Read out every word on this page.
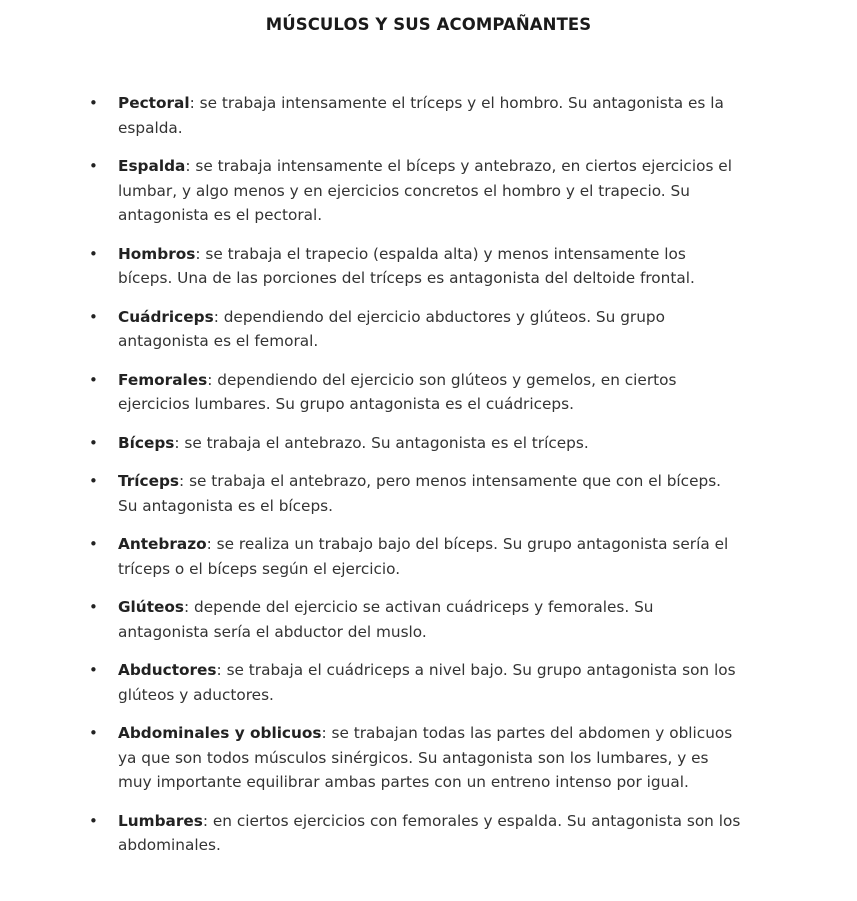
MÚSCULOS Y SUS ACOMPAÑANTES
• Pectoral: se trabaja intensamente el tríceps y el hombro. Su antagonista es la espalda.
• Espalda: se trabaja intensamente el bíceps y antebrazo, en ciertos ejercicios el lumbar, y algo menos y en ejercicios concretos el hombro y el trapecio. Su antagonista es el pectoral.
• Hombros: se trabaja el trapecio (espalda alta) y menos intensamente los bíceps. Una de las porciones del tríceps es antagonista del deltoide frontal.
• Cuádriceps: dependiendo del ejercicio abductores y glúteos. Su grupo antagonista es el femoral.
• Femorales: dependiendo del ejercicio son glúteos y gemelos, en ciertos ejercicios lumbares. Su grupo antagonista es el cuádriceps.
• Bíceps: se trabaja el antebrazo. Su antagonista es el tríceps.
• Tríceps: se trabaja el antebrazo, pero menos intensamente que con el bíceps. Su antagonista es el bíceps.
• Antebrazo: se realiza un trabajo bajo del bíceps. Su grupo antagonista sería el tríceps o el bíceps según el ejercicio.
• Glúteos: depende del ejercicio se activan cuádriceps y femorales. Su antagonista sería el abductor del muslo.
• Abductores: se trabaja el cuádriceps a nivel bajo. Su grupo antagonista son los glúteos y aductores.
• Abdominales y oblicuos: se trabajan todas las partes del abdomen y oblicuos ya que son todos músculos sinérgicos. Su antagonista son los lumbares, y es muy importante equilibrar ambas partes con un entreno intenso por igual.
• Lumbares: en ciertos ejercicios con femorales y espalda. Su antagonista son los abdominales.
